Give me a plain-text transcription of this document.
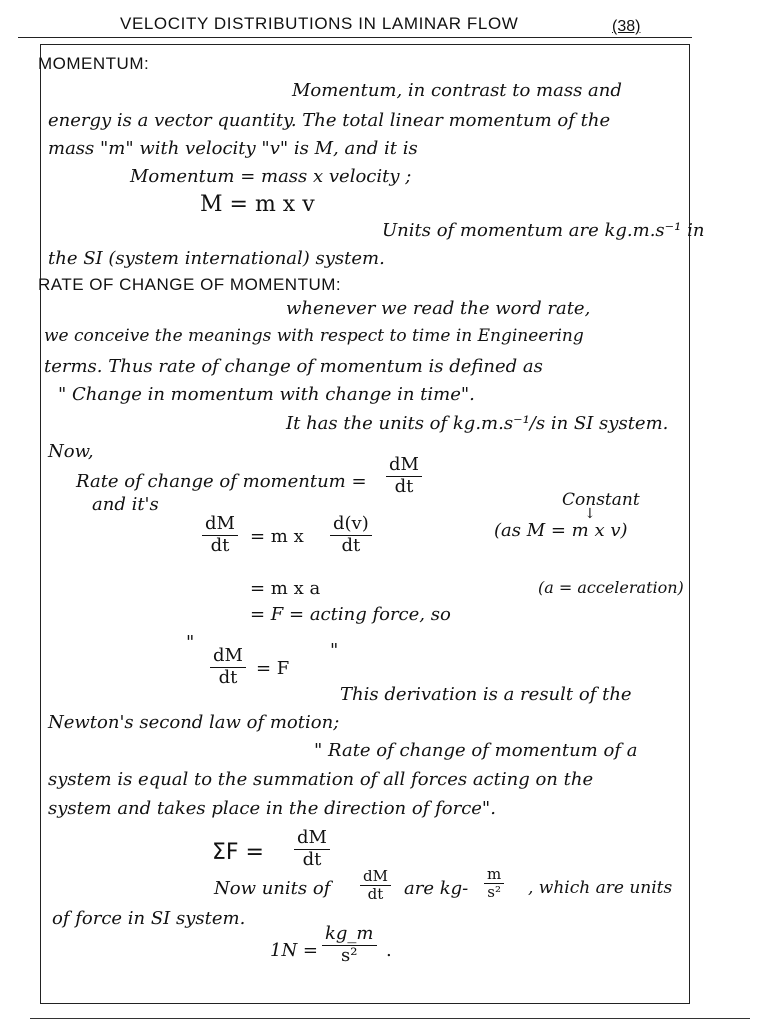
VELOCITY DISTRIBUTIONS IN LAMINAR FLOW	(38)
MOMENTUM:
Momentum, in contrast to mass and
energy is a vector quantity. The total linear momentum of the
mass "m" with velocity "v" is M, and it is
Momentum = mass x velocity ;
M = m x v
Units of momentum are kg.m.s⁻¹ in
the SI (system international) system.
RATE OF CHANGE OF MOMENTUM:
whenever we read the word rate,
we conceive the meanings with respect to time in Engineering
terms. Thus rate of change of momentum is defined as
" Change in momentum with change in time".
It has the units of kg.m.s⁻¹/s in SI system.
Now,
Rate of change of momentum = $\frac{dM}{dt}$
and it's
$\frac{dM}{dt} = m$ x $\frac{d(v)}{dt}$
Constant
↓
(as M = m x v)
= m x a	(a = acceleration)
= F = acting force, so
"
$\frac{dM}{dt} = F$
"
This derivation is a result of the
Newton's second law of motion;
" Rate of change of momentum of a
system is equal to the summation of all forces acting on the
system and takes place in the direction of force".
$\Sigma F = \frac{dM}{dt}$
Now units of $\frac{dM}{dt}$ are $kg- \frac{m}{\text{s²}}$ , which are units
of force in SI system.
$1N = \frac{kg\_m}{\text{s²}}$ .
